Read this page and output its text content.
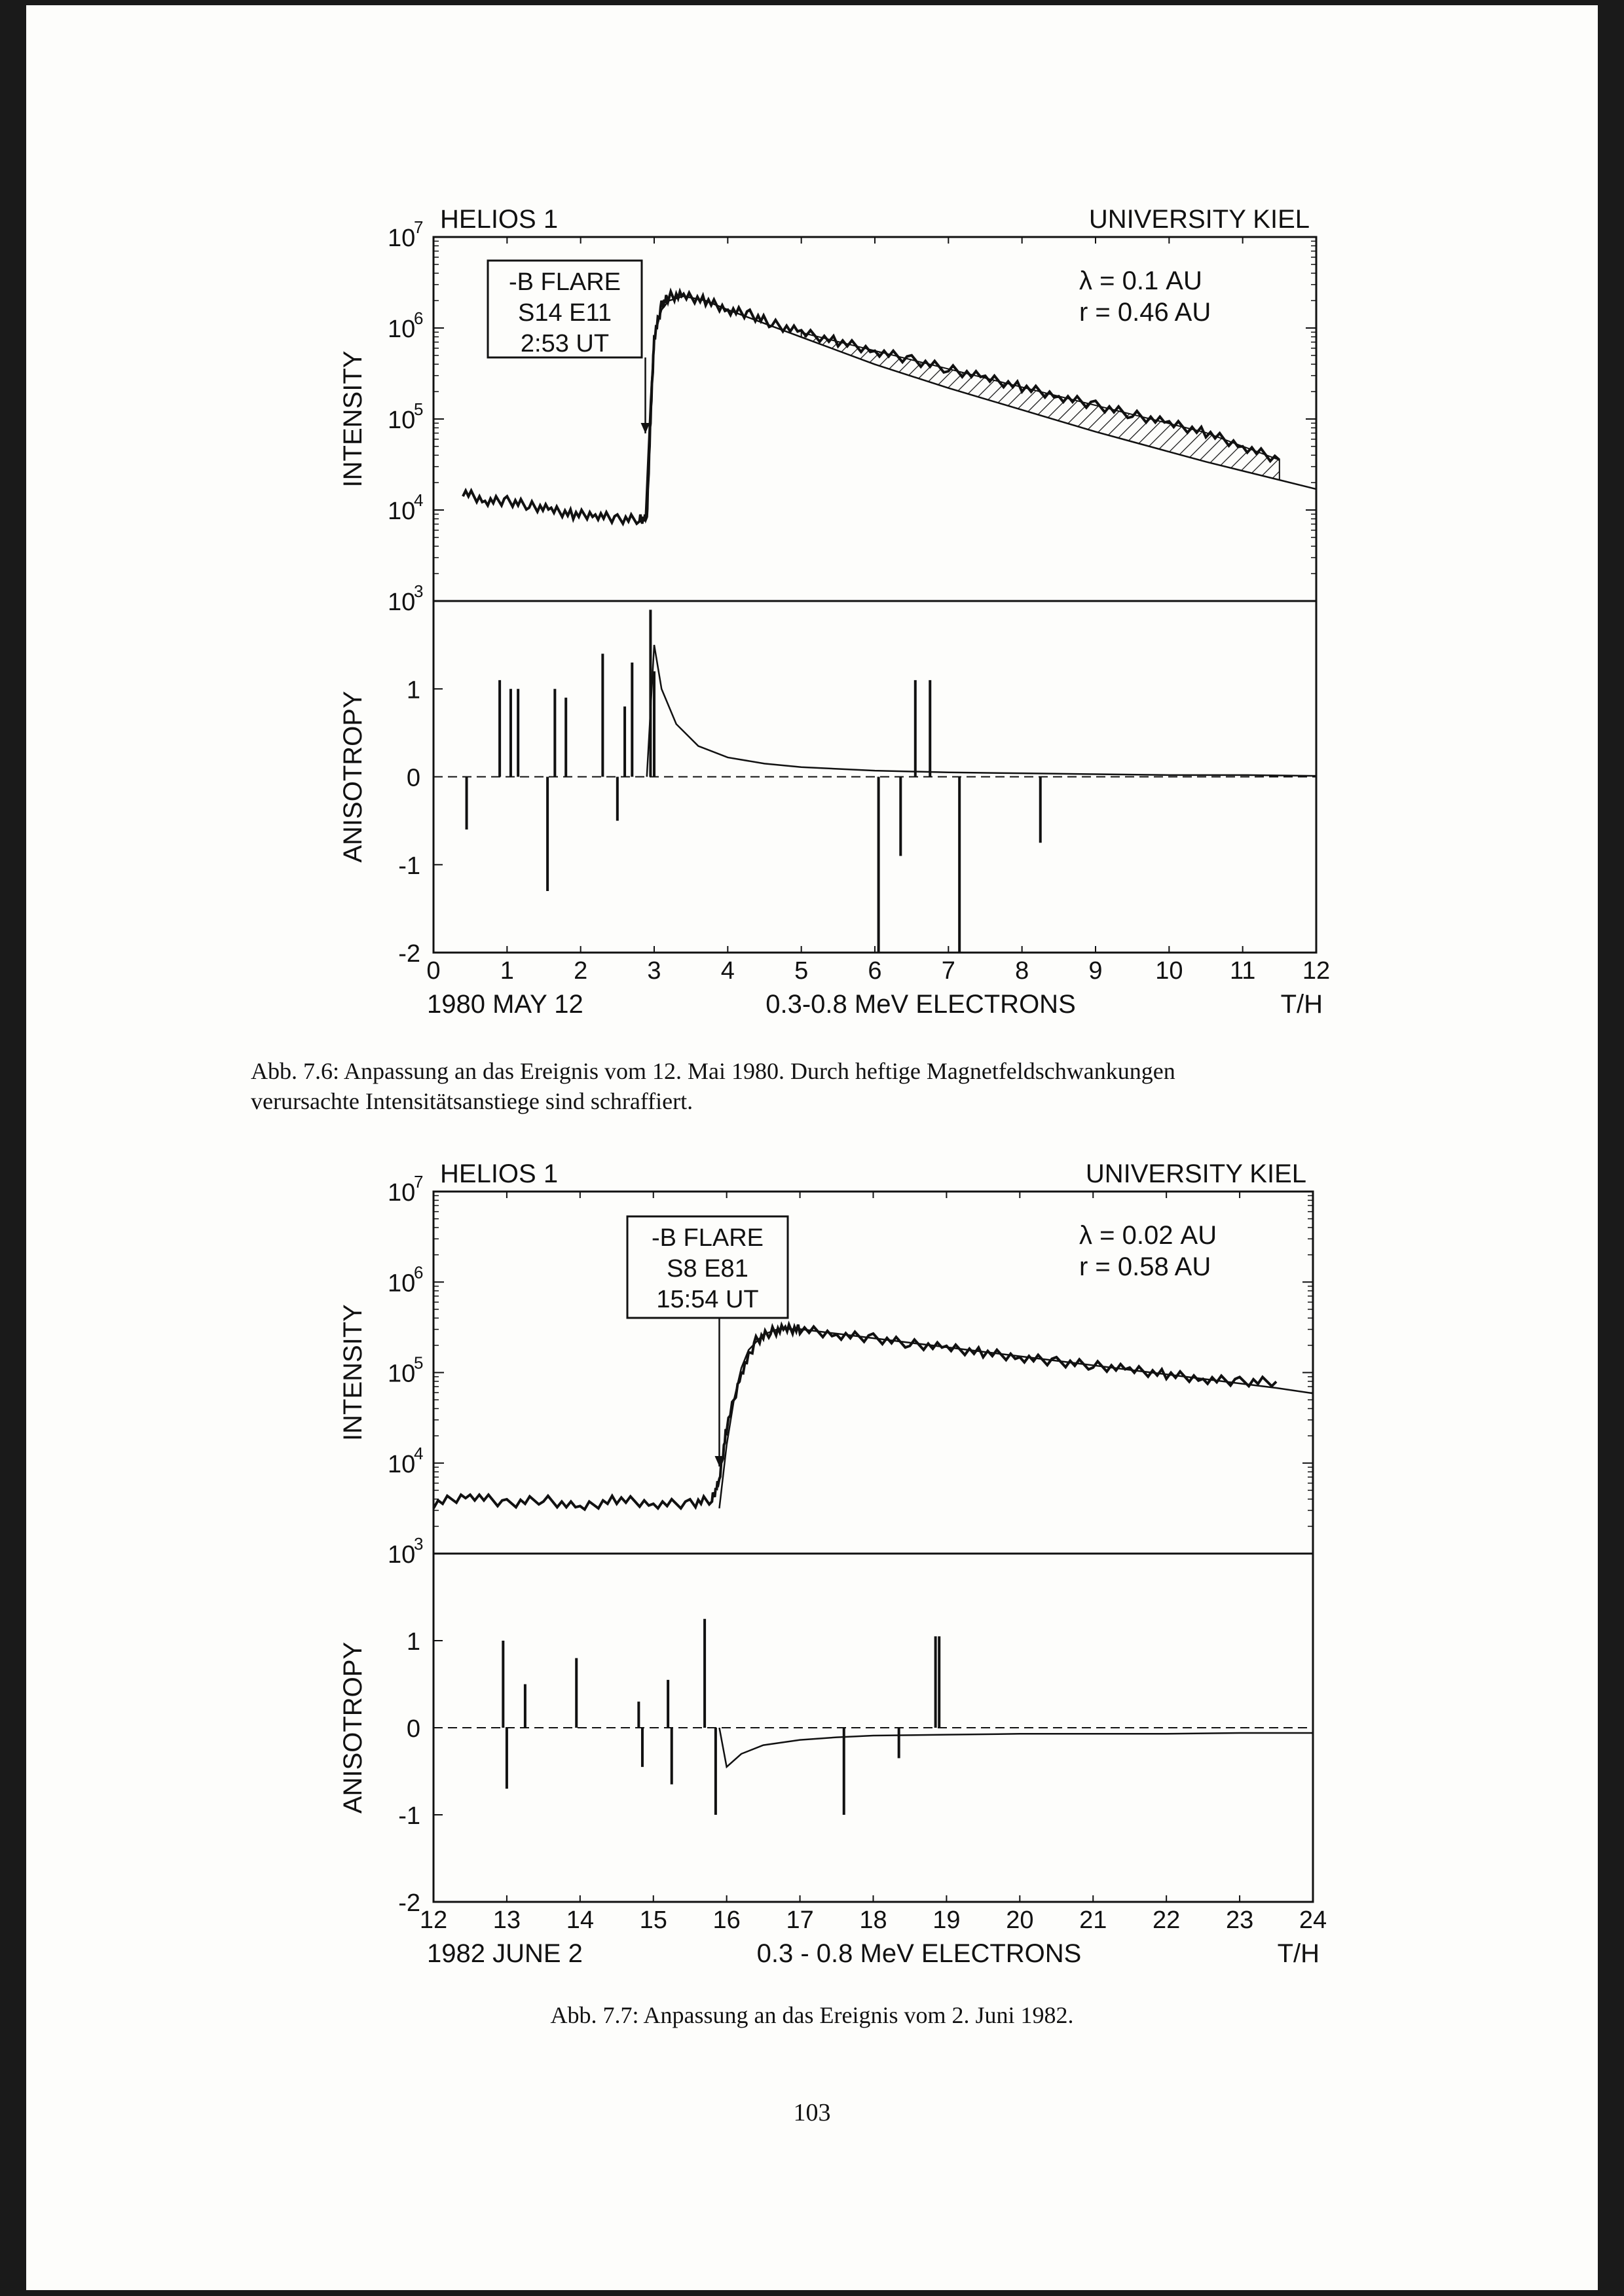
HELIOS 1	UNIVERSITY KIEL
0 1 2 3 4 5 6 7 8 9 10 11 12
1980 MAY 12	0.3-0.8 MeV ELECTRONS	T/H
10
3
10
4
10
5
10
6
10
7
INTENSITY
-2
-1
0
1
ANISOTROPY
-B FLARE
S14 E11
2:53 UT
λ = 0.1 AU
r = 0.46 AU
Abb. 7.6: Anpassung an das Ereignis vom 12. Mai 1980. Durch heftige Magnetfeldschwankungen
verursachte Intensitätsanstiege sind schraffiert.
HELIOS 1	UNIVERSITY KIEL
12 13 14 15 16 17 18 19 20 21 22 23 24
1982 JUNE 2	0.3 - 0.8 MeV ELECTRONS	T/H
10
3
10
4
10
5
10
6
10
7
INTENSITY
-2
-1
0
1
ANISOTROPY
-B FLARE
S8 E81
15:54 UT
λ = 0.02 AU
r = 0.58 AU
Abb. 7.7: Anpassung an das Ereignis vom 2. Juni 1982.
103
